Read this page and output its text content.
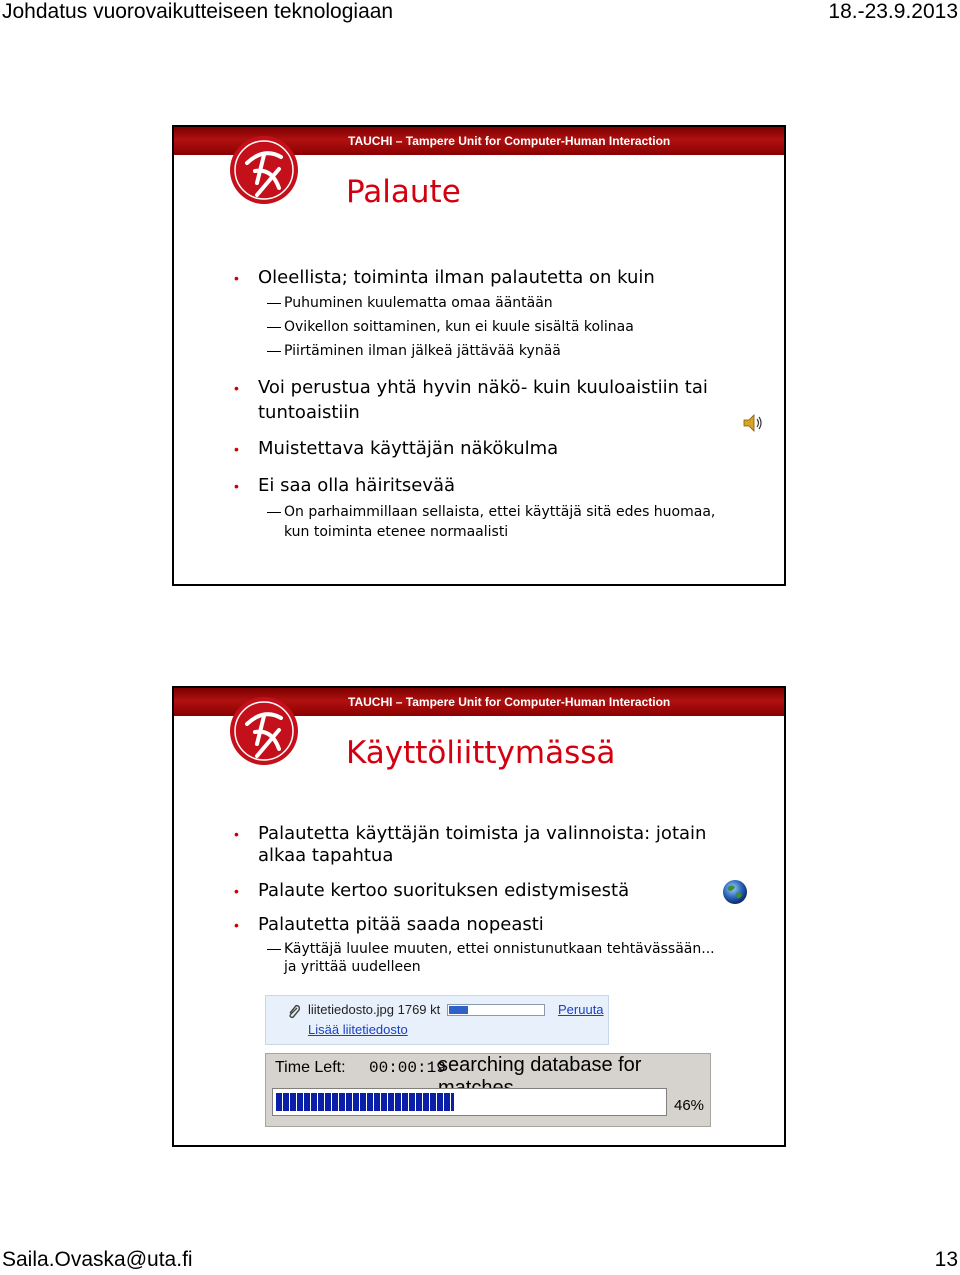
Johdatus vuorovaikutteiseen teknologiaan	18.-23.9.2013
TAUCHI – Tampere Unit for Computer-Human Interaction
Palaute
• Oleellista; toiminta ilman palautetta on kuin
Puhuminen kuulematta omaa ääntään
Ovikellon soittaminen, kun ei kuule sisältä kolinaa
Piirtäminen ilman jälkeä jättävää kynää
• Voi perustua yhtä hyvin näkö- kuin kuuloaistiin tai
tuntoaistiin
• Muistettava käyttäjän näkökulma
• Ei saa olla häiritsevää
On parhaimmillaan sellaista, ettei käyttäjä sitä edes huomaa,
kun toiminta etenee normaalisti
TAUCHI – Tampere Unit for Computer-Human Interaction
Käyttöliittymässä
• Palautetta käyttäjän toimista ja valinnoista: jotain
alkaa tapahtua
• Palaute kertoo suorituksen edistymisestä
• Palautetta pitää saada nopeasti
Käyttäjä luulee muuten, ettei onnistunutkaan tehtävässään...
ja yrittää uudelleen
liitetiedosto.jpg 1769 kt	Peruuta
Lisää liitetiedosto
Time Left: 00:00:19
searching database for
46%
Saila.Ovaska@uta.fi	13
